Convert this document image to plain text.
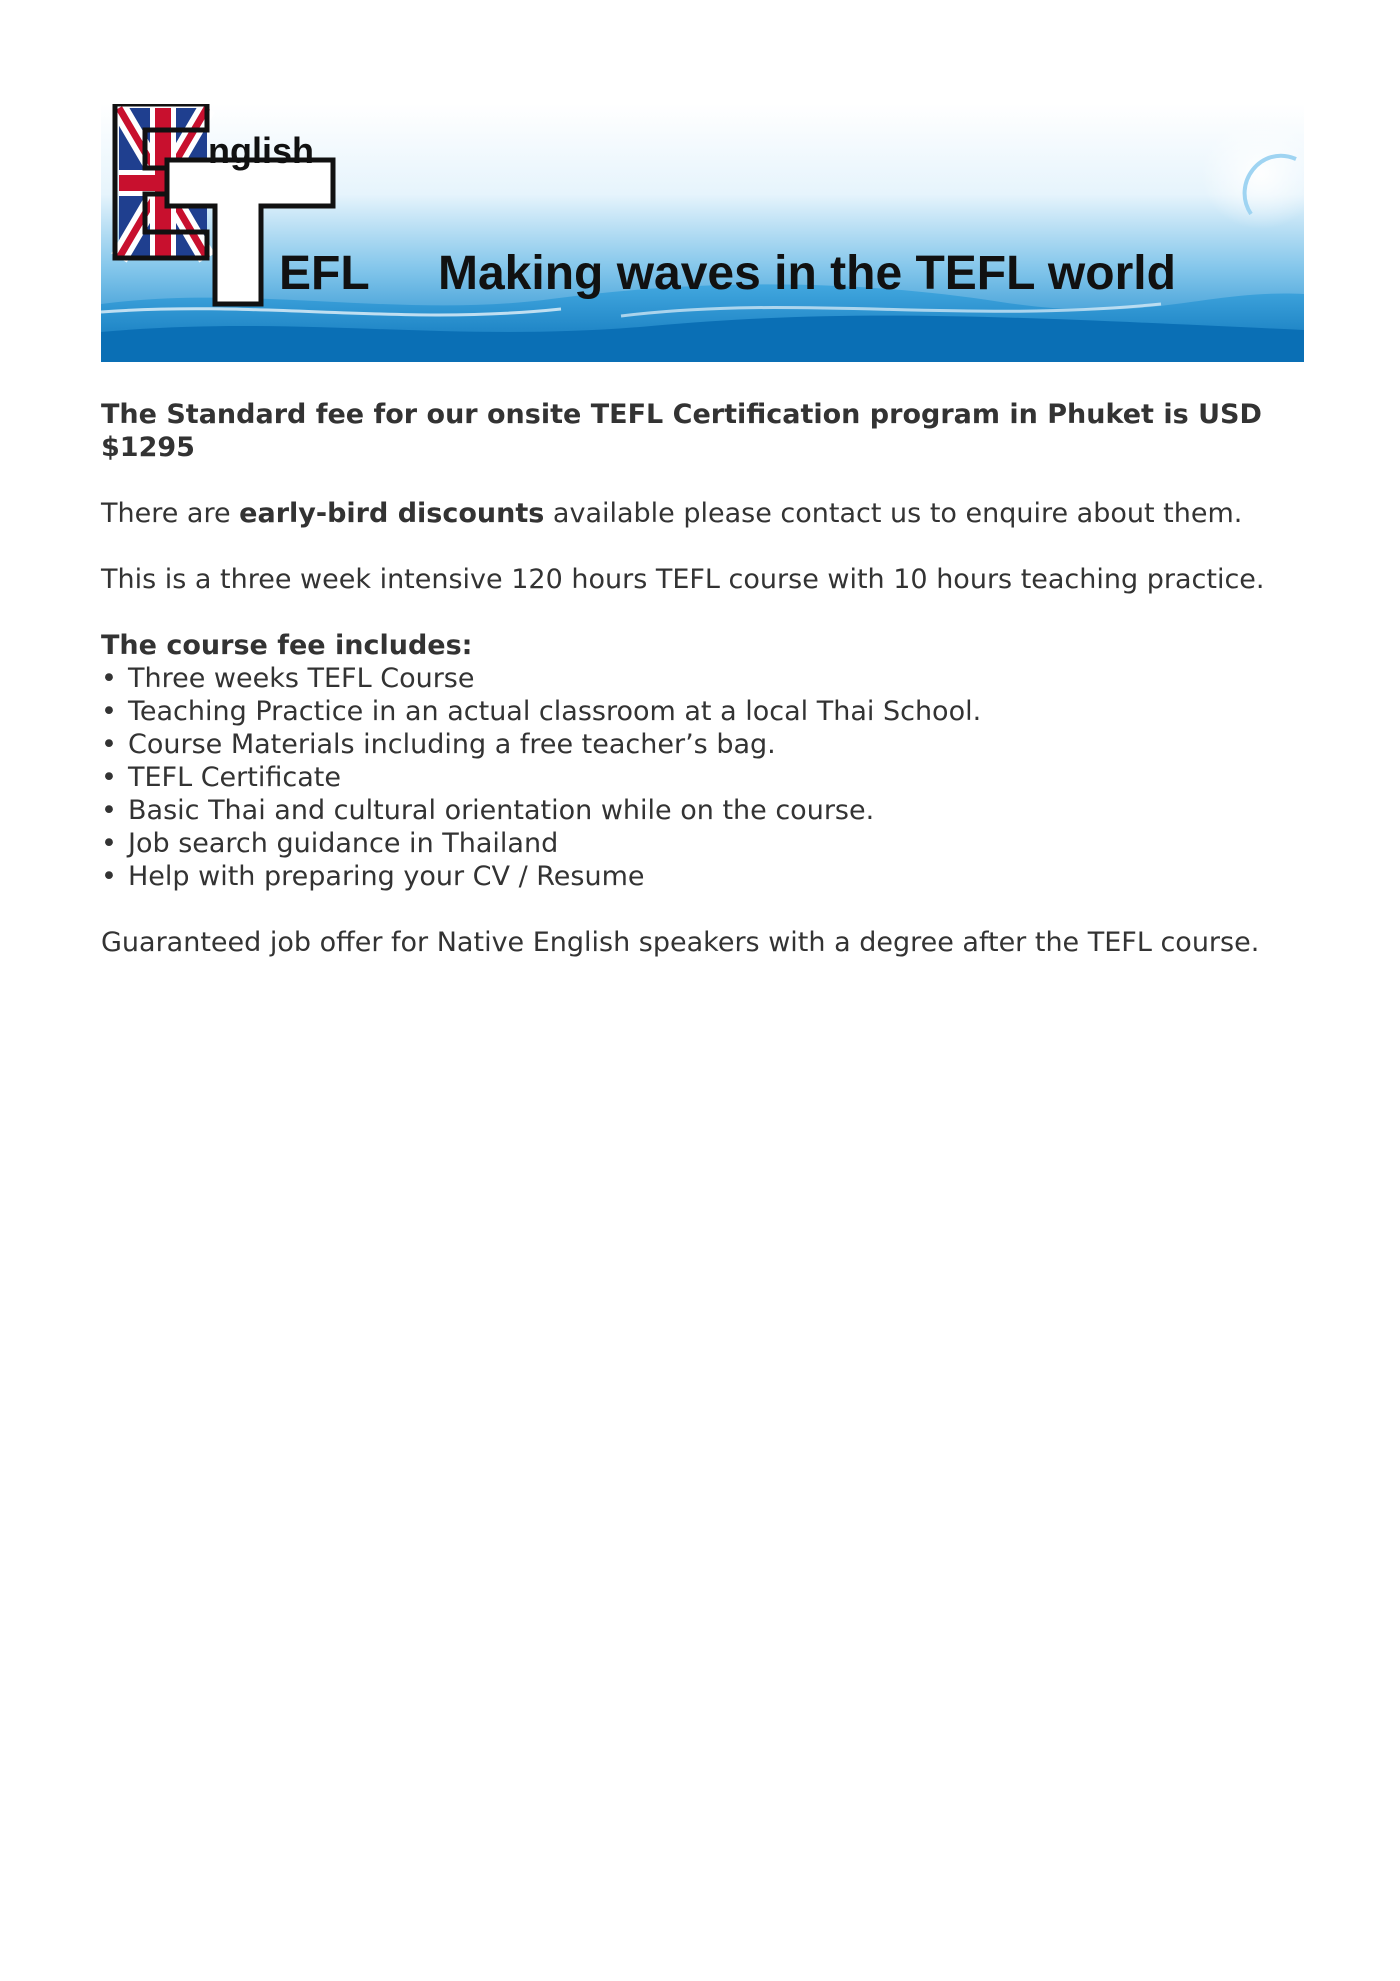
nglish
EFL Making waves in the TEFL world

The Standard fee for our onsite TEFL Certification program in Phuket is USD $1295

There are early-bird discounts available please contact us to enquire about them.

This is a three week intensive 120 hours TEFL course with 10 hours teaching practice.

The course fee includes:

• Three weeks TEFL Course
• Teaching Practice in an actual classroom at a local Thai School.
• Course Materials including a free teacher’s bag.
• TEFL Certificate
• Basic Thai and cultural orientation while on the course.
• Job search guidance in Thailand
• Help with preparing your CV / Resume

Guaranteed job offer for Native English speakers with a degree after the TEFL course.
